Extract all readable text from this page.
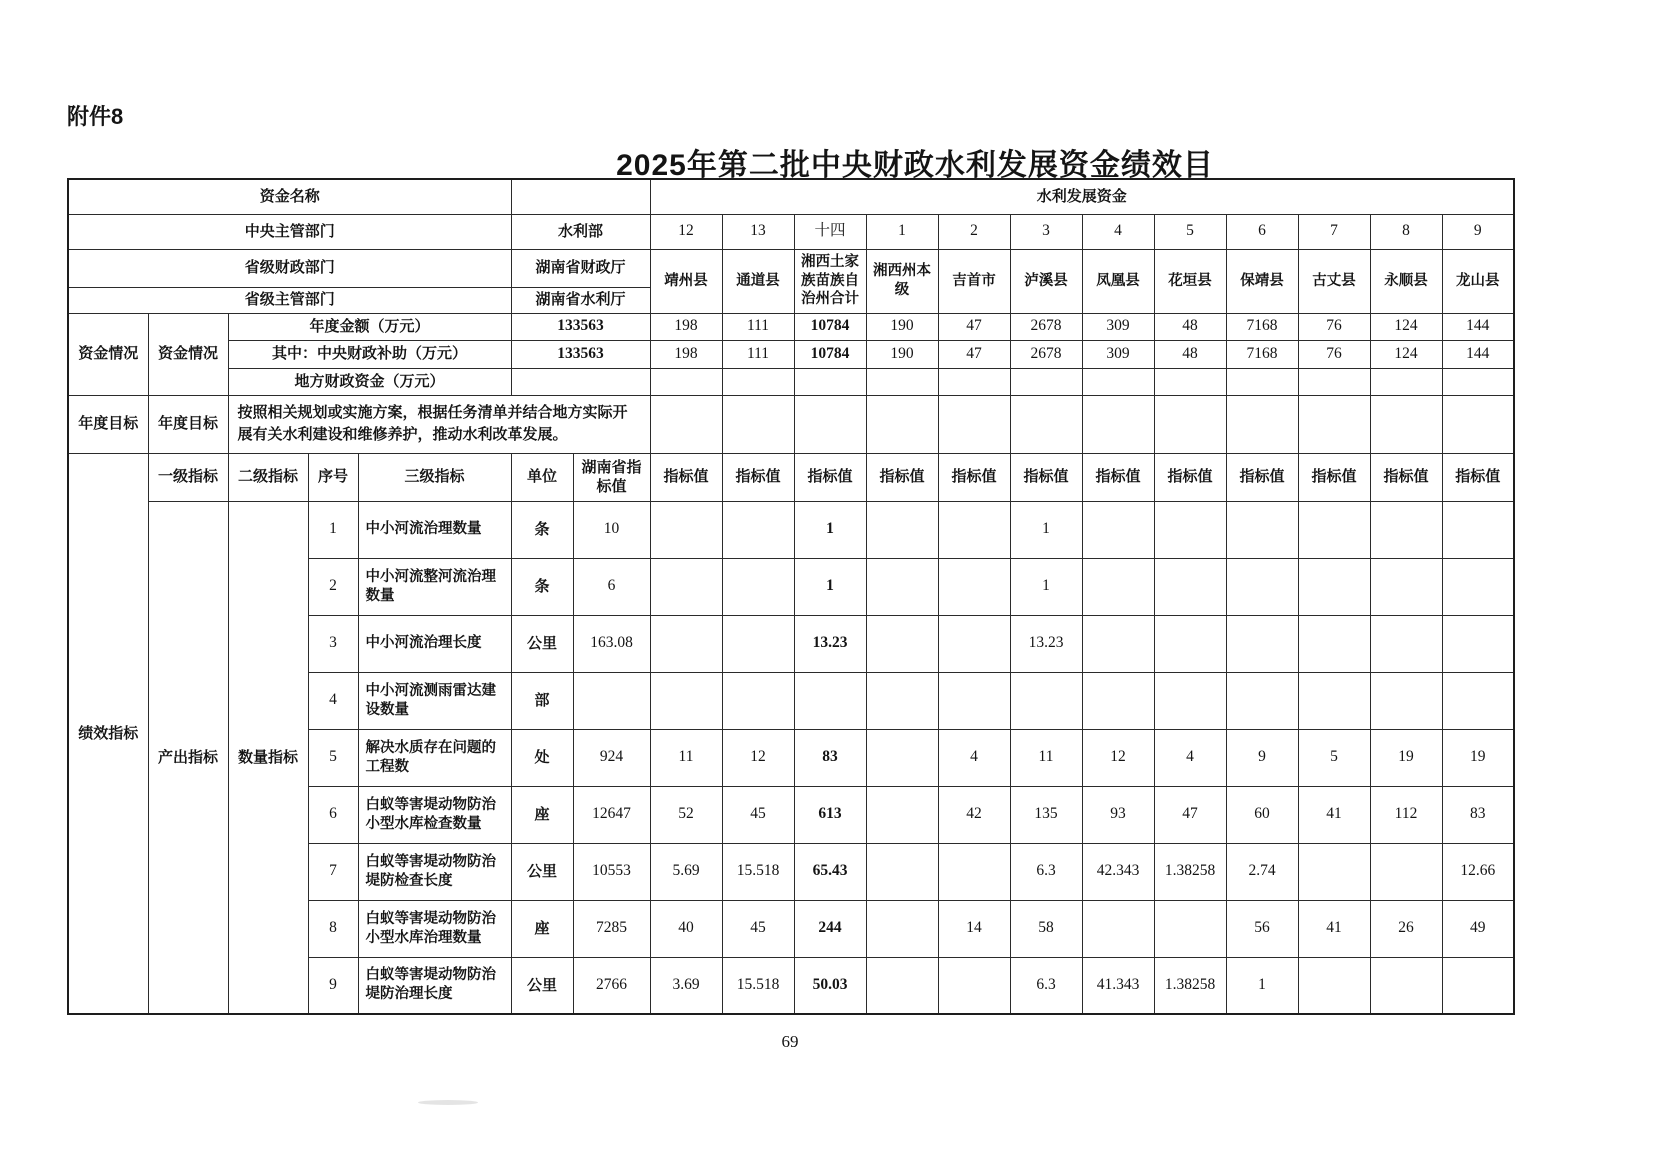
附件8
2025年第二批中央财政水利发展资金绩效目
资金名称							水利发展资金											
中央主管部门					水利部		12	13	十四	1	2	3	4	5	6	7	8	9
省级财政部门					湖南省财政厅		靖州县	通道县	湘西土家族苗族自治州合计	湘西州本级	吉首市	泸溪县	凤凰县	花垣县	保靖县	古丈县	永顺县	龙山县
省级主管部门					湖南省水利厅													
资金情况	资金情况	年度金额（万元）			133563		198	111	10784	190	47	2678	309	48	7168	76	124	144
		其中：中央财政补助（万元）			133563		198	111	10784	190	47	2678	309	48	7168	76	124	144
		地方财政资金（万元）																
年度目标	年度目标	按照相关规划或实施方案，根据任务清单并结合地方实际开展有关水利建设和维修养护，推动水利改革发展。																
绩效指标	一级指标	二级指标	序号	三级指标	单位	湖南省指标值	指标值	指标值	指标值	指标值	指标值	指标值	指标值	指标值	指标值	指标值	指标值	指标值
	产出指标	数量指标	1	中小河流治理数量	条	10			1			1						
			2	中小河流整河流治理数量	条	6			1			1						
			3	中小河流治理长度	公里	163.08			13.23			13.23						
			4	中小河流测雨雷达建设数量	部													
			5	解决水质存在问题的工程数	处	924	11	12	83		4	11	12	4	9	5	19	19
			6	白蚁等害堤动物防治小型水库检查数量	座	12647	52	45	613		42	135	93	47	60	41	112	83
			7	白蚁等害堤动物防治堤防检查长度	公里	10553	5.69	15.518	65.43			6.3	42.343	1.38258	2.74			12.66
			8	白蚁等害堤动物防治小型水库治理数量	座	7285	40	45	244		14	58			56	41	26	49
			9	白蚁等害堤动物防治堤防治理长度	公里	2766	3.69	15.518	50.03			6.3	41.343	1.38258	1			
69
